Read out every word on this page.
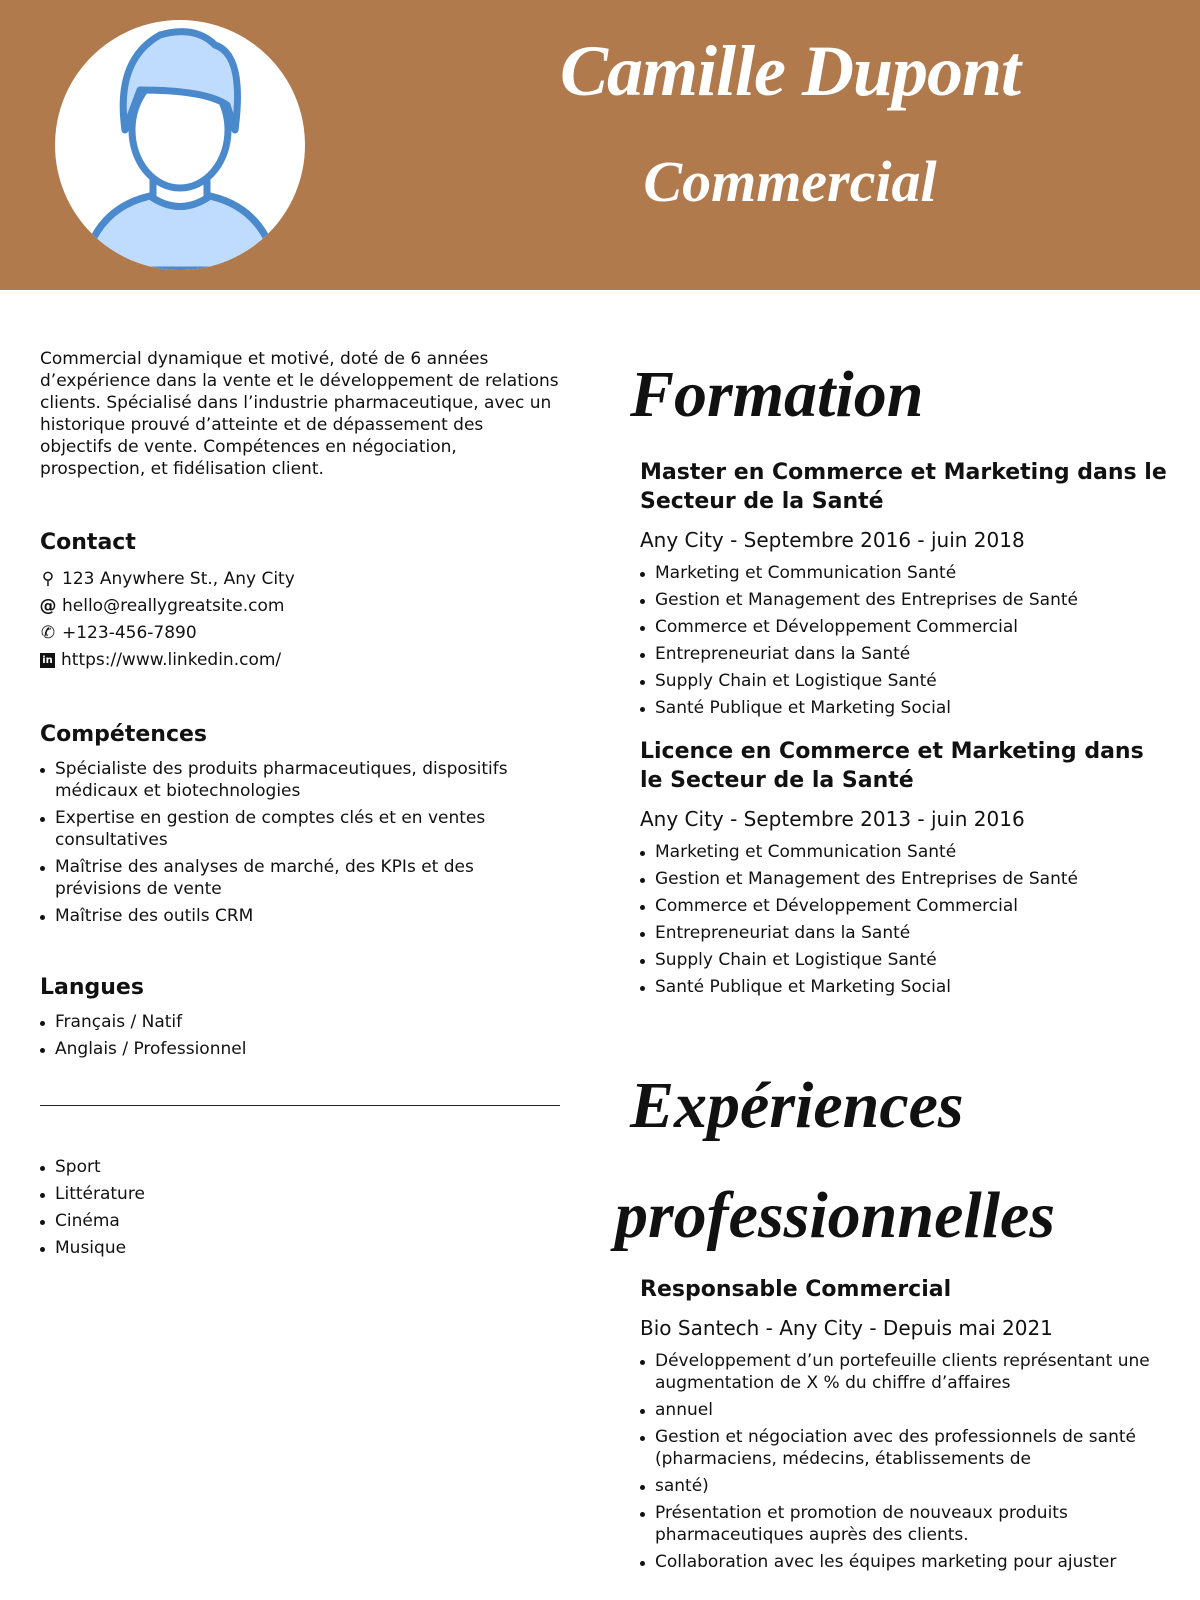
Camille Dupont
Commercial

Commercial dynamique et motivé, doté de 6 années d’expérience dans la vente et le développement de relations clients. Spécialisé dans l’industrie pharmaceutique, avec un historique prouvé d’atteinte et de dépassement des objectifs de vente. Compétences en négociation, prospection, et fidélisation client.

Contact
⚲ 123 Anywhere St., Any City
@ hello@reallygreatsite.com
✆ +123-456-7890
in https://www.linkedin.com/
Compétences
Spécialiste des produits pharmaceutiques, dispositifs médicaux et biotechnologies
Expertise en gestion de comptes clés et en ventes consultatives
Maîtrise des analyses de marché, des KPIs et des prévisions de vente
Maîtrise des outils CRM
Langues
Français / Natif
Anglais / Professionnel
Sport
Littérature
Cinéma
Musique
Formation
Master en Commerce et Marketing dans le Secteur de la Santé
Any City - Septembre 2016 - juin 2018
Marketing et Communication Santé
Gestion et Management des Entreprises de Santé
Commerce et Développement Commercial
Entrepreneuriat dans la Santé
Supply Chain et Logistique Santé
Santé Publique et Marketing Social
Licence en Commerce et Marketing dans le Secteur de la Santé
Any City - Septembre 2013 - juin 2016
Marketing et Communication Santé
Gestion et Management des Entreprises de Santé
Commerce et Développement Commercial
Entrepreneuriat dans la Santé
Supply Chain et Logistique Santé
Santé Publique et Marketing Social
Expériences
professionnelles
Responsable Commercial
Bio Santech - Any City - Depuis mai 2021
Développement d’un portefeuille clients représentant une augmentation de X % du chiffre d’affaires
annuel
Gestion et négociation avec des professionnels de santé (pharmaciens, médecins, établissements de
santé)
Présentation et promotion de nouveaux produits pharmaceutiques auprès des clients.
Collaboration avec les équipes marketing pour ajuster
